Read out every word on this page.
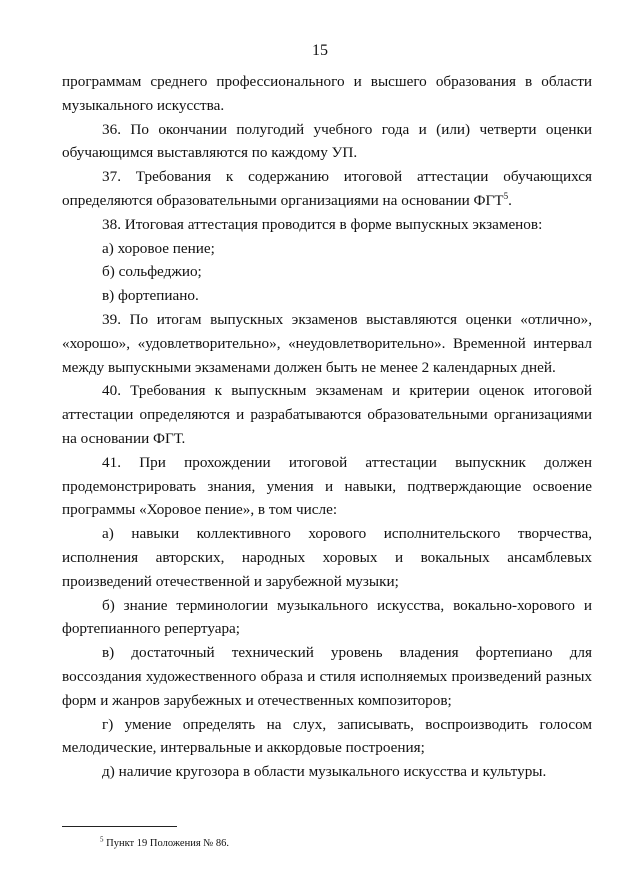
15

программам среднего профессионального и высшего образования в области музыкального искусства.

36. По окончании полугодий учебного года и (или) четверти оценки обучающимся выставляются по каждому УП.

37. Требования к содержанию итоговой аттестации обучающихся определяются образовательными организациями на основании ФГТ$^5$.

38. Итоговая аттестация проводится в форме выпускных экзаменов:

а) хоровое пение;

б) сольфеджио;

в) фортепиано.

39. По итогам выпускных экзаменов выставляются оценки «отлично», «хорошо», «удовлетворительно», «неудовлетворительно». Временной интервал между выпускными экзаменами должен быть не менее 2 календарных дней.

40. Требования к выпускным экзаменам и критерии оценок итоговой аттестации определяются и разрабатываются образовательными организациями на основании ФГТ.

41. При прохождении итоговой аттестации выпускник должен продемонстрировать знания, умения и навыки, подтверждающие освоение программы «Хоровое пение», в том числе:

а) навыки коллективного хорового исполнительского творчества, исполнения авторских, народных хоровых и вокальных ансамблевых произведений отечественной и зарубежной музыки;

б) знание терминологии музыкального искусства, вокально-хорового и фортепианного репертуара;

в) достаточный технический уровень владения фортепиано для воссоздания художественного образа и стиля исполняемых произведений разных форм и жанров зарубежных и отечественных композиторов;

г) умение определять на слух, записывать, воспроизводить голосом мелодические, интервальные и аккордовые построения;

д) наличие кругозора в области музыкального искусства и культуры.

$^5$ Пункт 19 Положения № 86.
